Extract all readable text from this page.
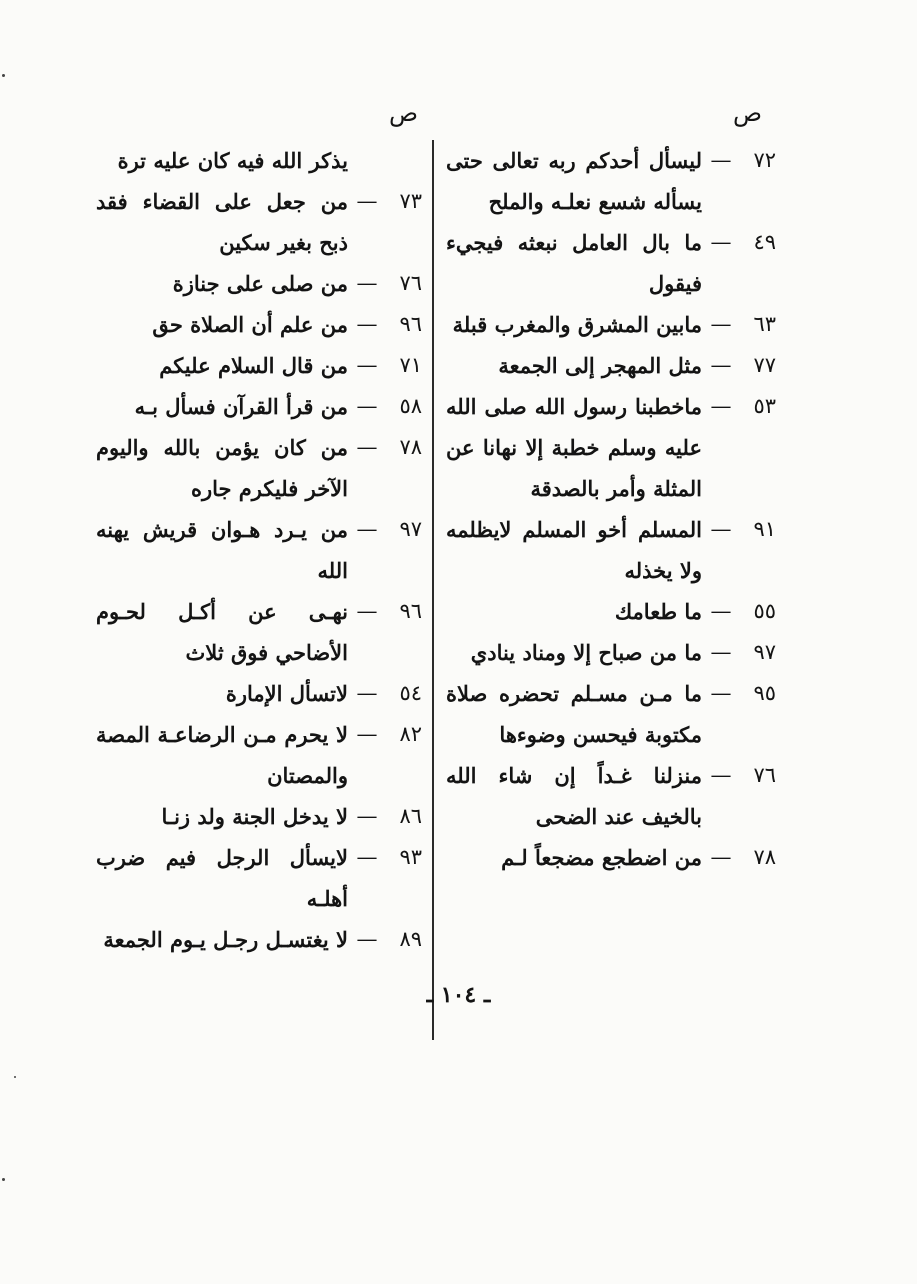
ص
ص
٧٢
—
ليسأل أحدكم ربه تعالى حتى يسأله شسع نعلـه والملح
٤٩
—
ما بال العامل نبعثه فيجيء فيقول
٦٣
—
مابين المشرق والمغرب قبلة
٧٧
—
مثل المهجر إلى الجمعة
٥٣
—
ماخطبنا رسول الله صلى الله عليه وسلم خطبة إلا نهانا عن المثلة وأمر بالصدقة
٩١
—
المسلم أخو المسلم لايظلمه ولا يخذله
٥٥
—
ما طعامك
٩٧
—
ما من صباح إلا ومناد ينادي
٩٥
—
ما مـن مسـلم تحضره صلاة مكتوبة فيحسن وضوءها
٧٦
—
منزلنا غـداً إن شاء الله بالخيف عند الضحى
٧٨
—
من اضطجع مضجعاً لـم
يذكر الله فيه كان عليه ترة
٧٣
—
من جعل على القضاء فقد ذبح بغير سكين
٧٦
—
من صلى على جنازة
٩٦
—
من علم أن الصلاة حق
٧١
—
من قال السلام عليكم
٥٨
—
من قرأ القرآن فسأل بـه
٧٨
—
من كان يؤمن بالله واليوم الآخر فليكرم جاره
٩٧
—
من يـرد هـوان قريش يهنه الله
٩٦
—
نهـى عن أكـل لحـوم الأضاحي فوق ثلاث
٥٤
—
لاتسأل الإمارة
٨٢
—
لا يحرم مـن الرضاعـة المصة والمصتان
٨٦
—
لا يدخل الجنة ولد زنـا
٩٣
—
لايسأل الرجل فيم ضرب أهلـه
٨٩
—
لا يغتسـل رجـل يـوم الجمعة
ـ ١٠٤ ـ
